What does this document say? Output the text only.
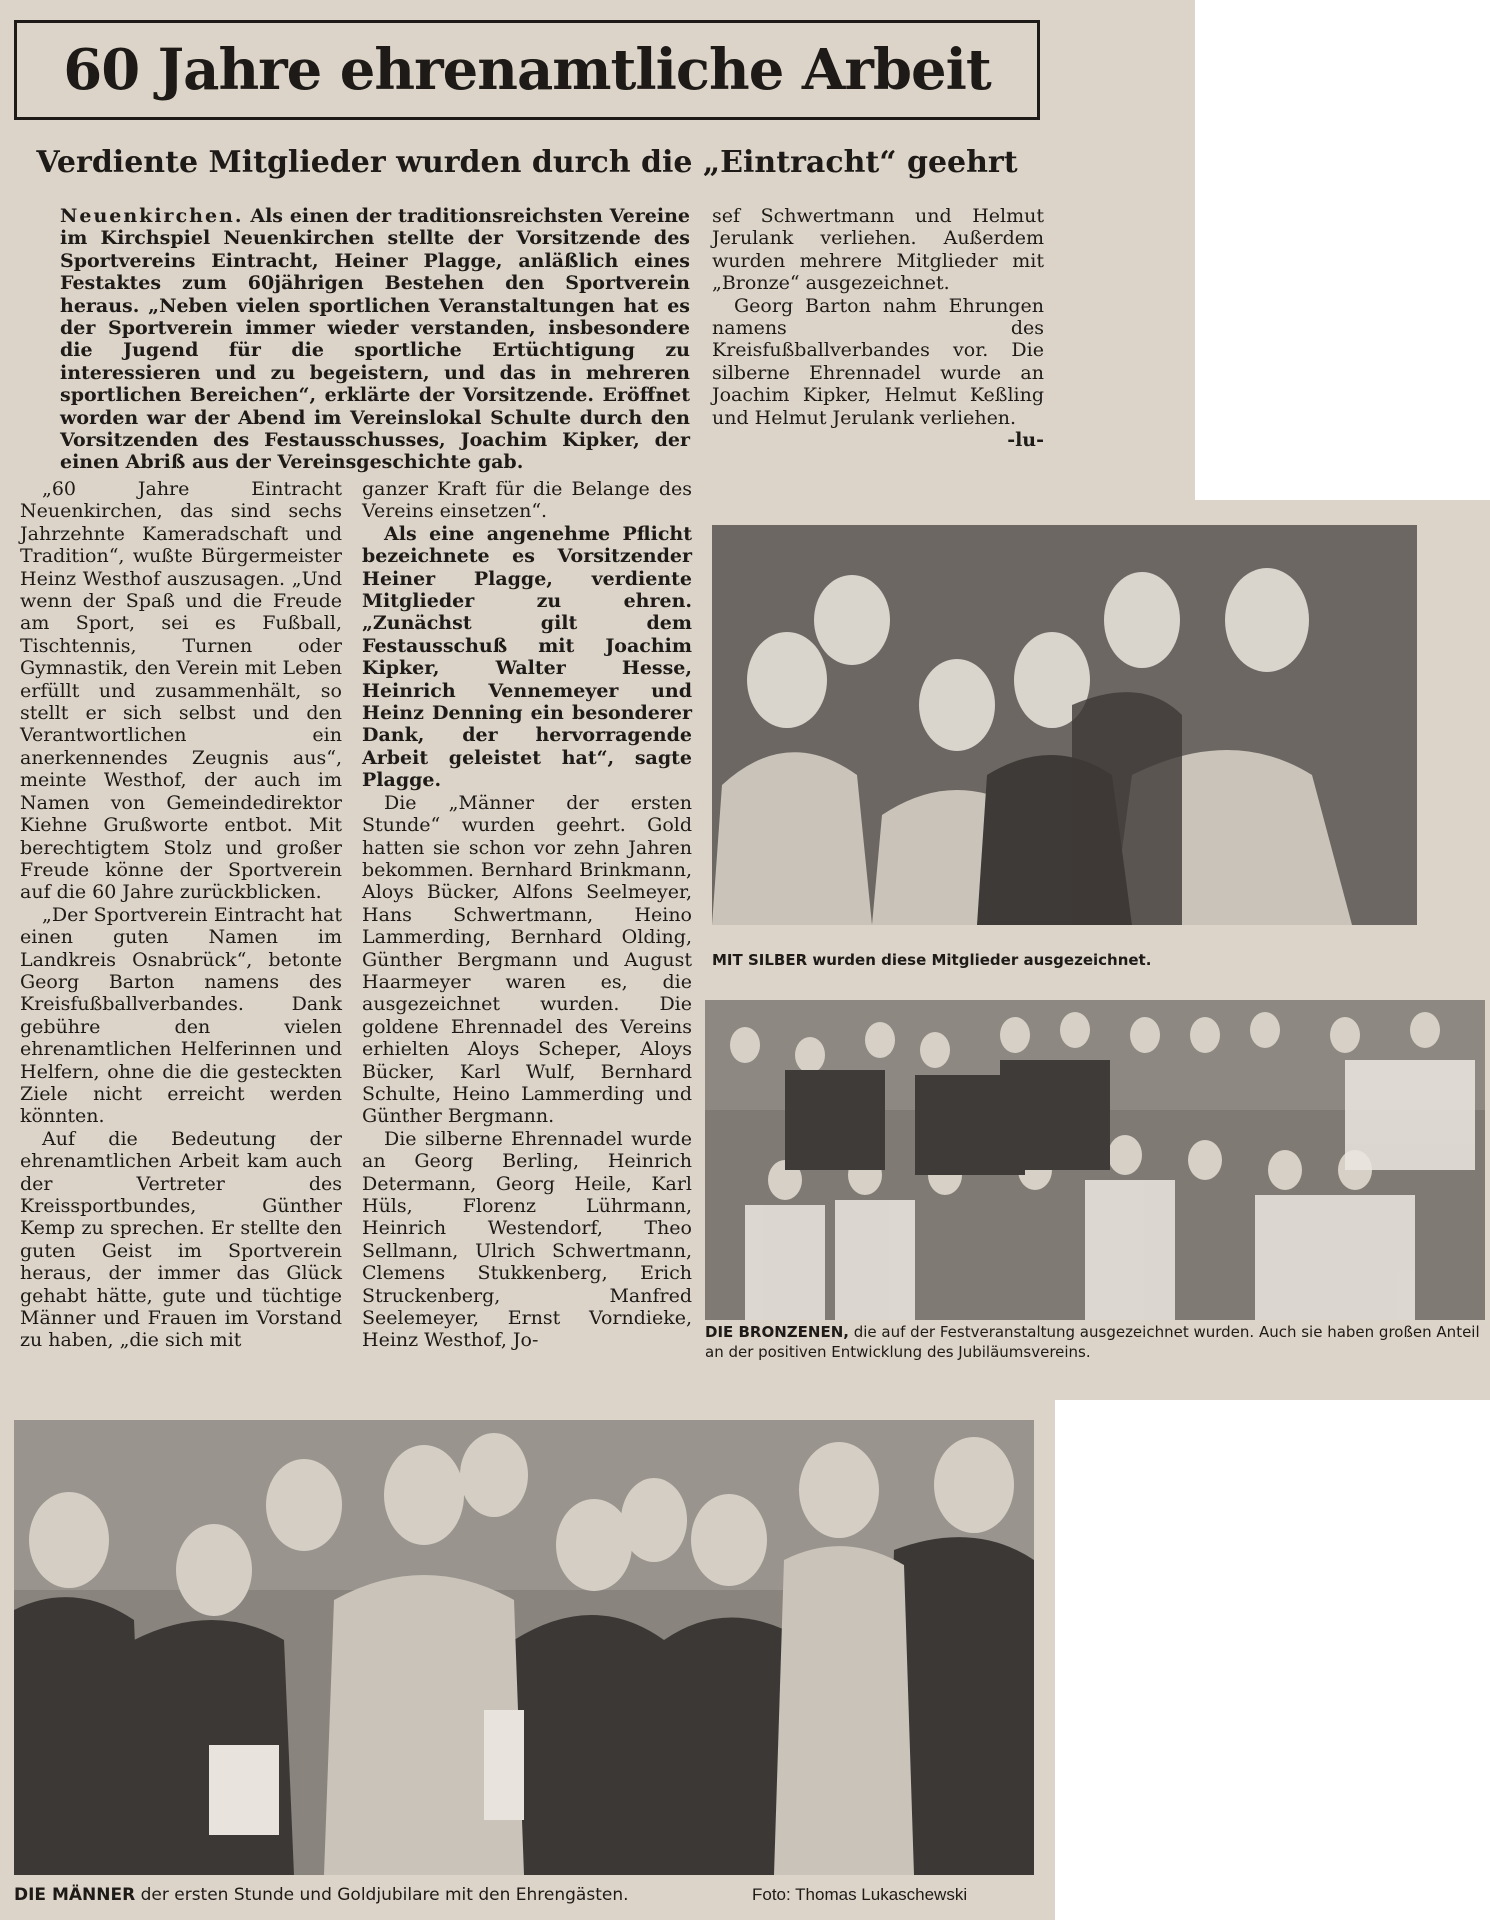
60 Jahre ehrenamtliche Arbeit
Verdiente Mitglieder wurden durch die „Eintracht“ geehrt

Neuenkirchen. Als einen der traditionsreichsten Vereine im Kirchspiel Neuenkirchen stellte der Vorsitzende des Sportvereins Eintracht, Heiner Plagge, anläßlich eines Festaktes zum 60jährigen Bestehen den Sportverein heraus. „Neben vielen sportlichen Veranstaltungen hat es der Sportverein immer wieder verstanden, insbesondere die Jugend für die sportliche Ertüchtigung zu interessieren und zu begeistern, und das in mehreren sportlichen Bereichen“, erklärte der Vorsitzende. Eröffnet worden war der Abend im Vereinslokal Schulte durch den Vorsitzenden des Festausschusses, Joachim Kipker, der einen Abriß aus der Vereinsgeschichte gab.

sef Schwertmann und Helmut Jerulank verliehen. Außerdem wurden mehrere Mitglieder mit „Bronze“ ausgezeichnet.

Georg Barton nahm Ehrungen namens des Kreisfußballverbandes vor. Die silberne Ehrennadel wurde an Joachim Kipker, Helmut Keßling und Helmut Jerulank verliehen.

-lu-

„60 Jahre Eintracht Neuenkirchen, das sind sechs Jahrzehnte Kameradschaft und Tradition“, wußte Bürgermeister Heinz Westhof auszusagen. „Und wenn der Spaß und die Freude am Sport, sei es Fußball, Tischtennis, Turnen oder Gymnastik, den Verein mit Leben erfüllt und zusammenhält, so stellt er sich selbst und den Verantwortlichen ein anerkennendes Zeugnis aus“, meinte Westhof, der auch im Namen von Gemeindedirektor Kiehne Grußworte entbot. Mit berechtigtem Stolz und großer Freude könne der Sportverein auf die 60 Jahre zurückblicken.

„Der Sportverein Eintracht hat einen guten Namen im Landkreis Osnabrück“, betonte Georg Barton namens des Kreisfußballverbandes. Dank gebühre den vielen ehrenamtlichen Helferinnen und Helfern, ohne die die gesteckten Ziele nicht erreicht werden könnten.

Auf die Bedeutung der ehrenamtlichen Arbeit kam auch der Vertreter des Kreissportbundes, Günther Kemp zu sprechen. Er stellte den guten Geist im Sportverein heraus, der immer das Glück gehabt hätte, gute und tüchtige Männer und Frauen im Vorstand zu haben, „die sich mit

ganzer Kraft für die Belange des Vereins einsetzen“.

Als eine angenehme Pflicht bezeichnete es Vorsitzender Heiner Plagge, verdiente Mitglieder zu ehren. „Zunächst gilt dem Festausschuß mit Joachim Kipker, Walter Hesse, Heinrich Vennemeyer und Heinz Denning ein besonderer Dank, der hervorragende Arbeit geleistet hat“, sagte Plagge.

Die „Männer der ersten Stunde“ wurden geehrt. Gold hatten sie schon vor zehn Jahren bekommen. Bernhard Brinkmann, Aloys Bücker, Alfons Seelmeyer, Hans Schwertmann, Heino Lammerding, Bernhard Olding, Günther Bergmann und August Haarmeyer waren es, die ausgezeichnet wurden. Die goldene Ehrennadel des Vereins erhielten Aloys Scheper, Aloys Bücker, Karl Wulf, Bernhard Schulte, Heino Lammerding und Günther Bergmann.

Die silberne Ehrennadel wurde an Georg Berling, Heinrich Determann, Georg Heile, Karl Hüls, Florenz Lührmann, Heinrich Westendorf, Theo Sellmann, Ulrich Schwertmann, Clemens Stukkenberg, Erich Struckenberg, Manfred Seelemeyer, Ernst Vorndieke, Heinz Westhof, Jo-

MIT SILBER wurden diese Mitglieder ausgezeichnet.

DIE BRONZENEN, die auf der Festveranstaltung ausgezeichnet wurden. Auch sie haben großen Anteil an der positiven Entwicklung des Jubiläumsvereins.

DIE MÄNNER der ersten Stunde und Goldjubilare mit den Ehrengästen.	Foto: Thomas Lukaschewski
